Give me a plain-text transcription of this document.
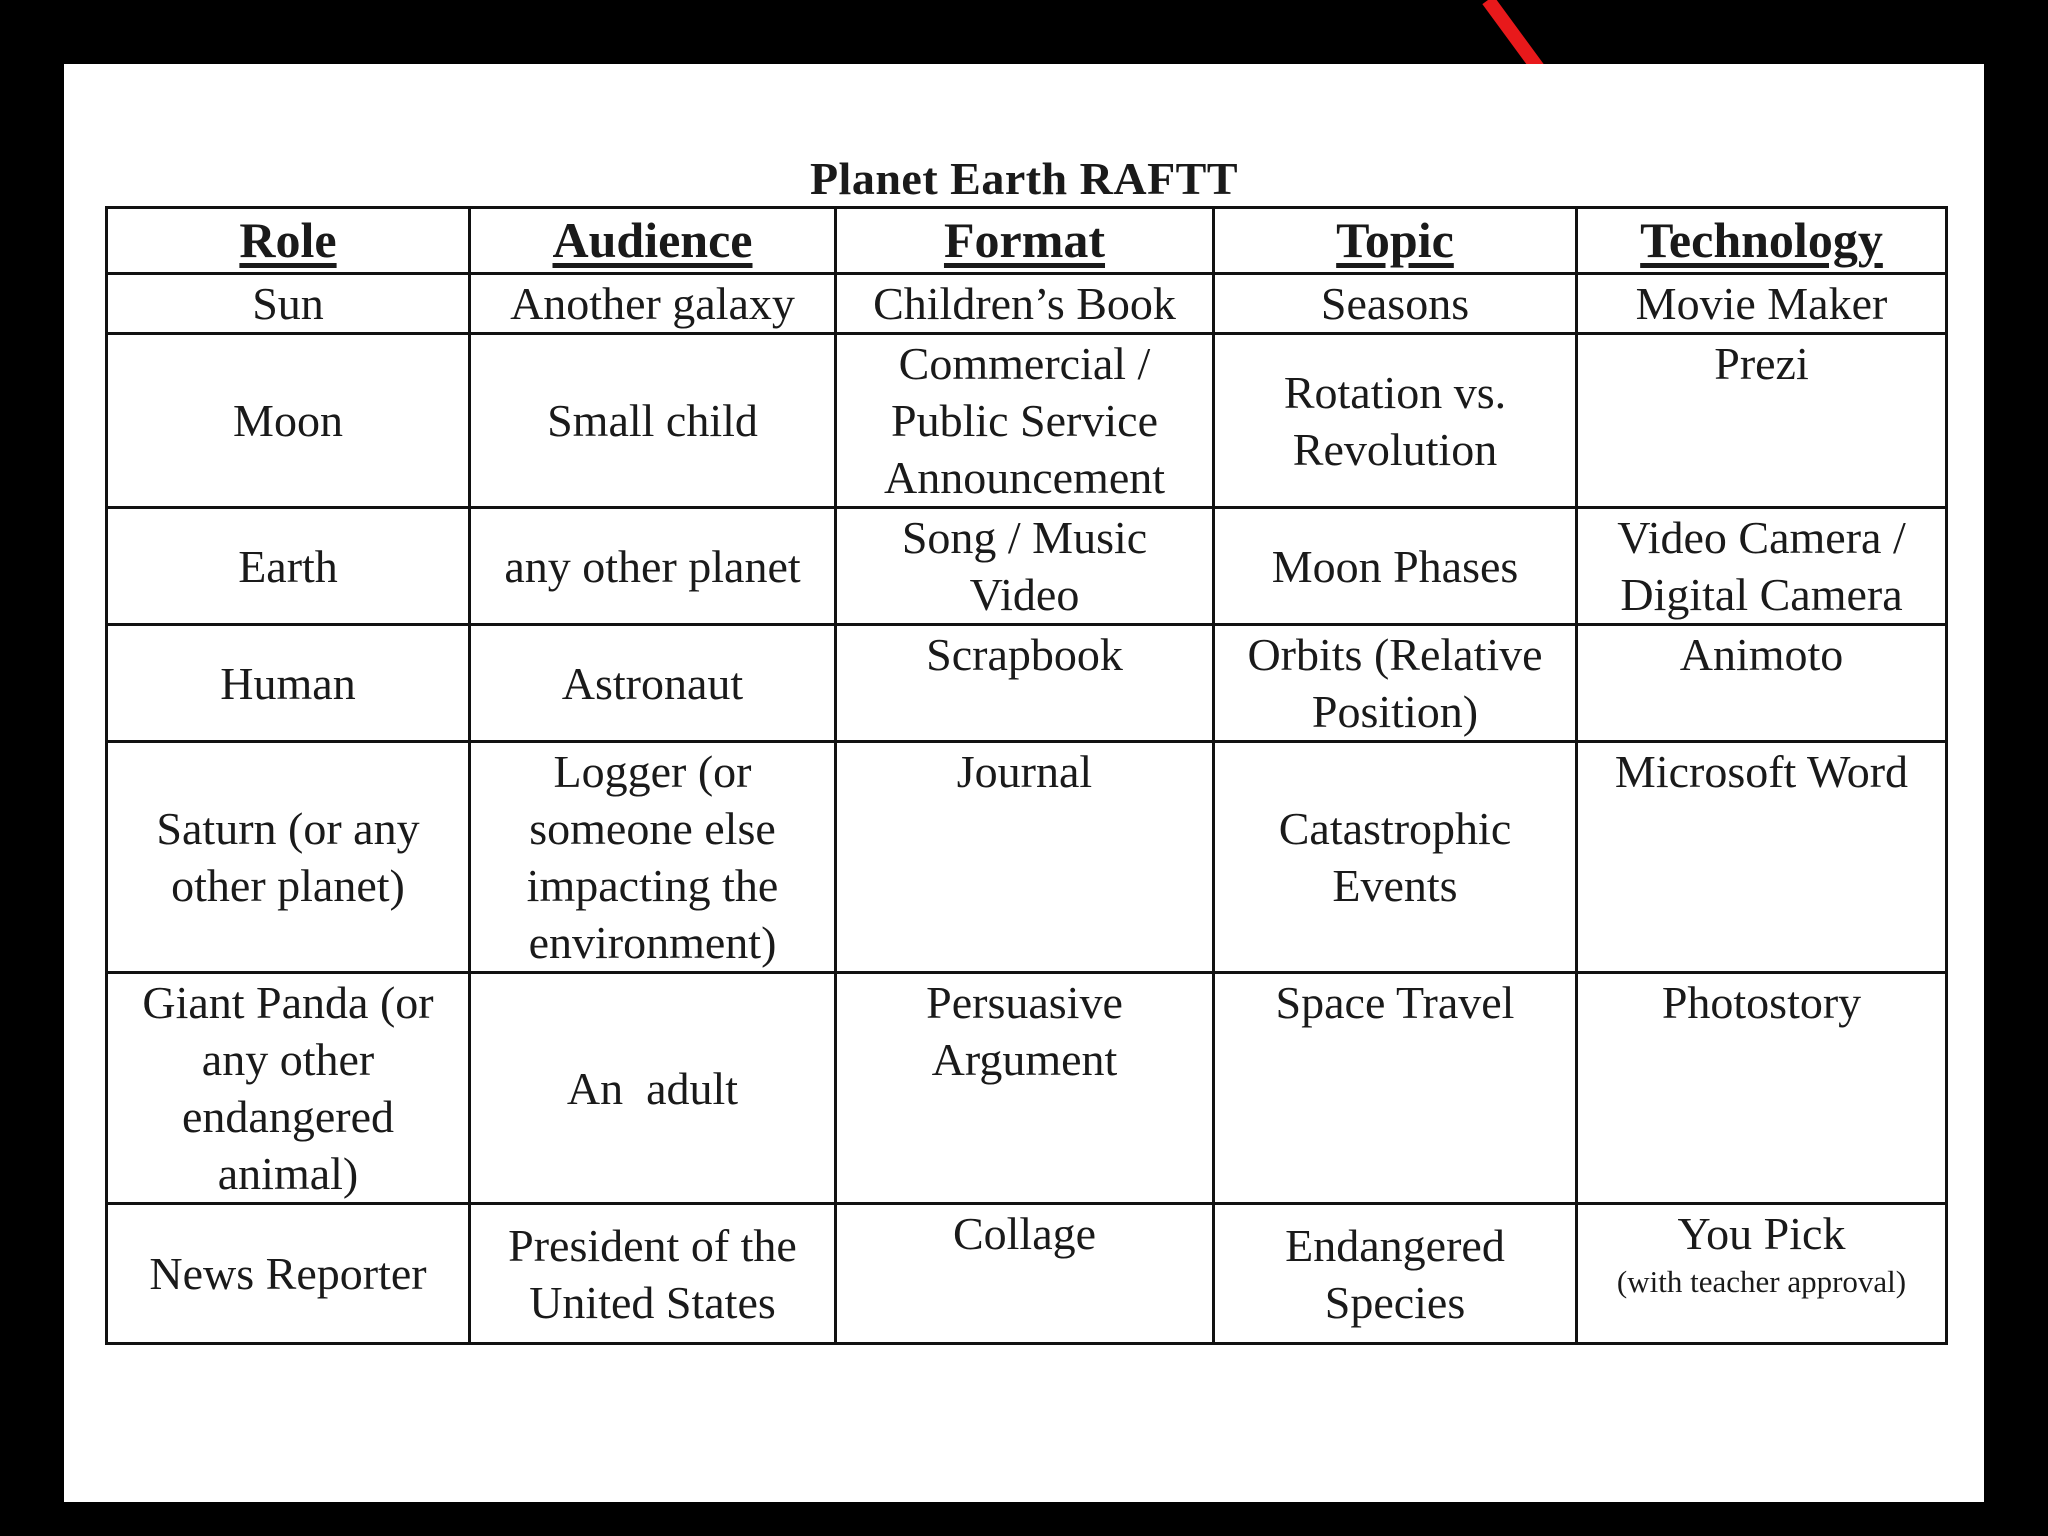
Planet Earth RAFTT
Role	Audience	Format	Topic	Technology
Sun	Another galaxy	Children’s Book	Seasons	Movie Maker
Moon	Small child	Commercial / Public Service Announcement	Rotation vs. Revolution	Prezi
Earth	any other planet	Song / Music Video	Moon Phases	Video Camera / Digital Camera
Human	Astronaut	Scrapbook	Orbits (Relative Position)	Animoto
Saturn (or any other planet)	Logger (or someone else impacting the environment)	Journal	Catastrophic Events	Microsoft Word
Giant Panda (or any other endangered animal)	An  adult	Persuasive Argument	Space Travel	Photostory
News Reporter	President of the United States	Collage	Endangered Species	You Pick
(with teacher approval)
